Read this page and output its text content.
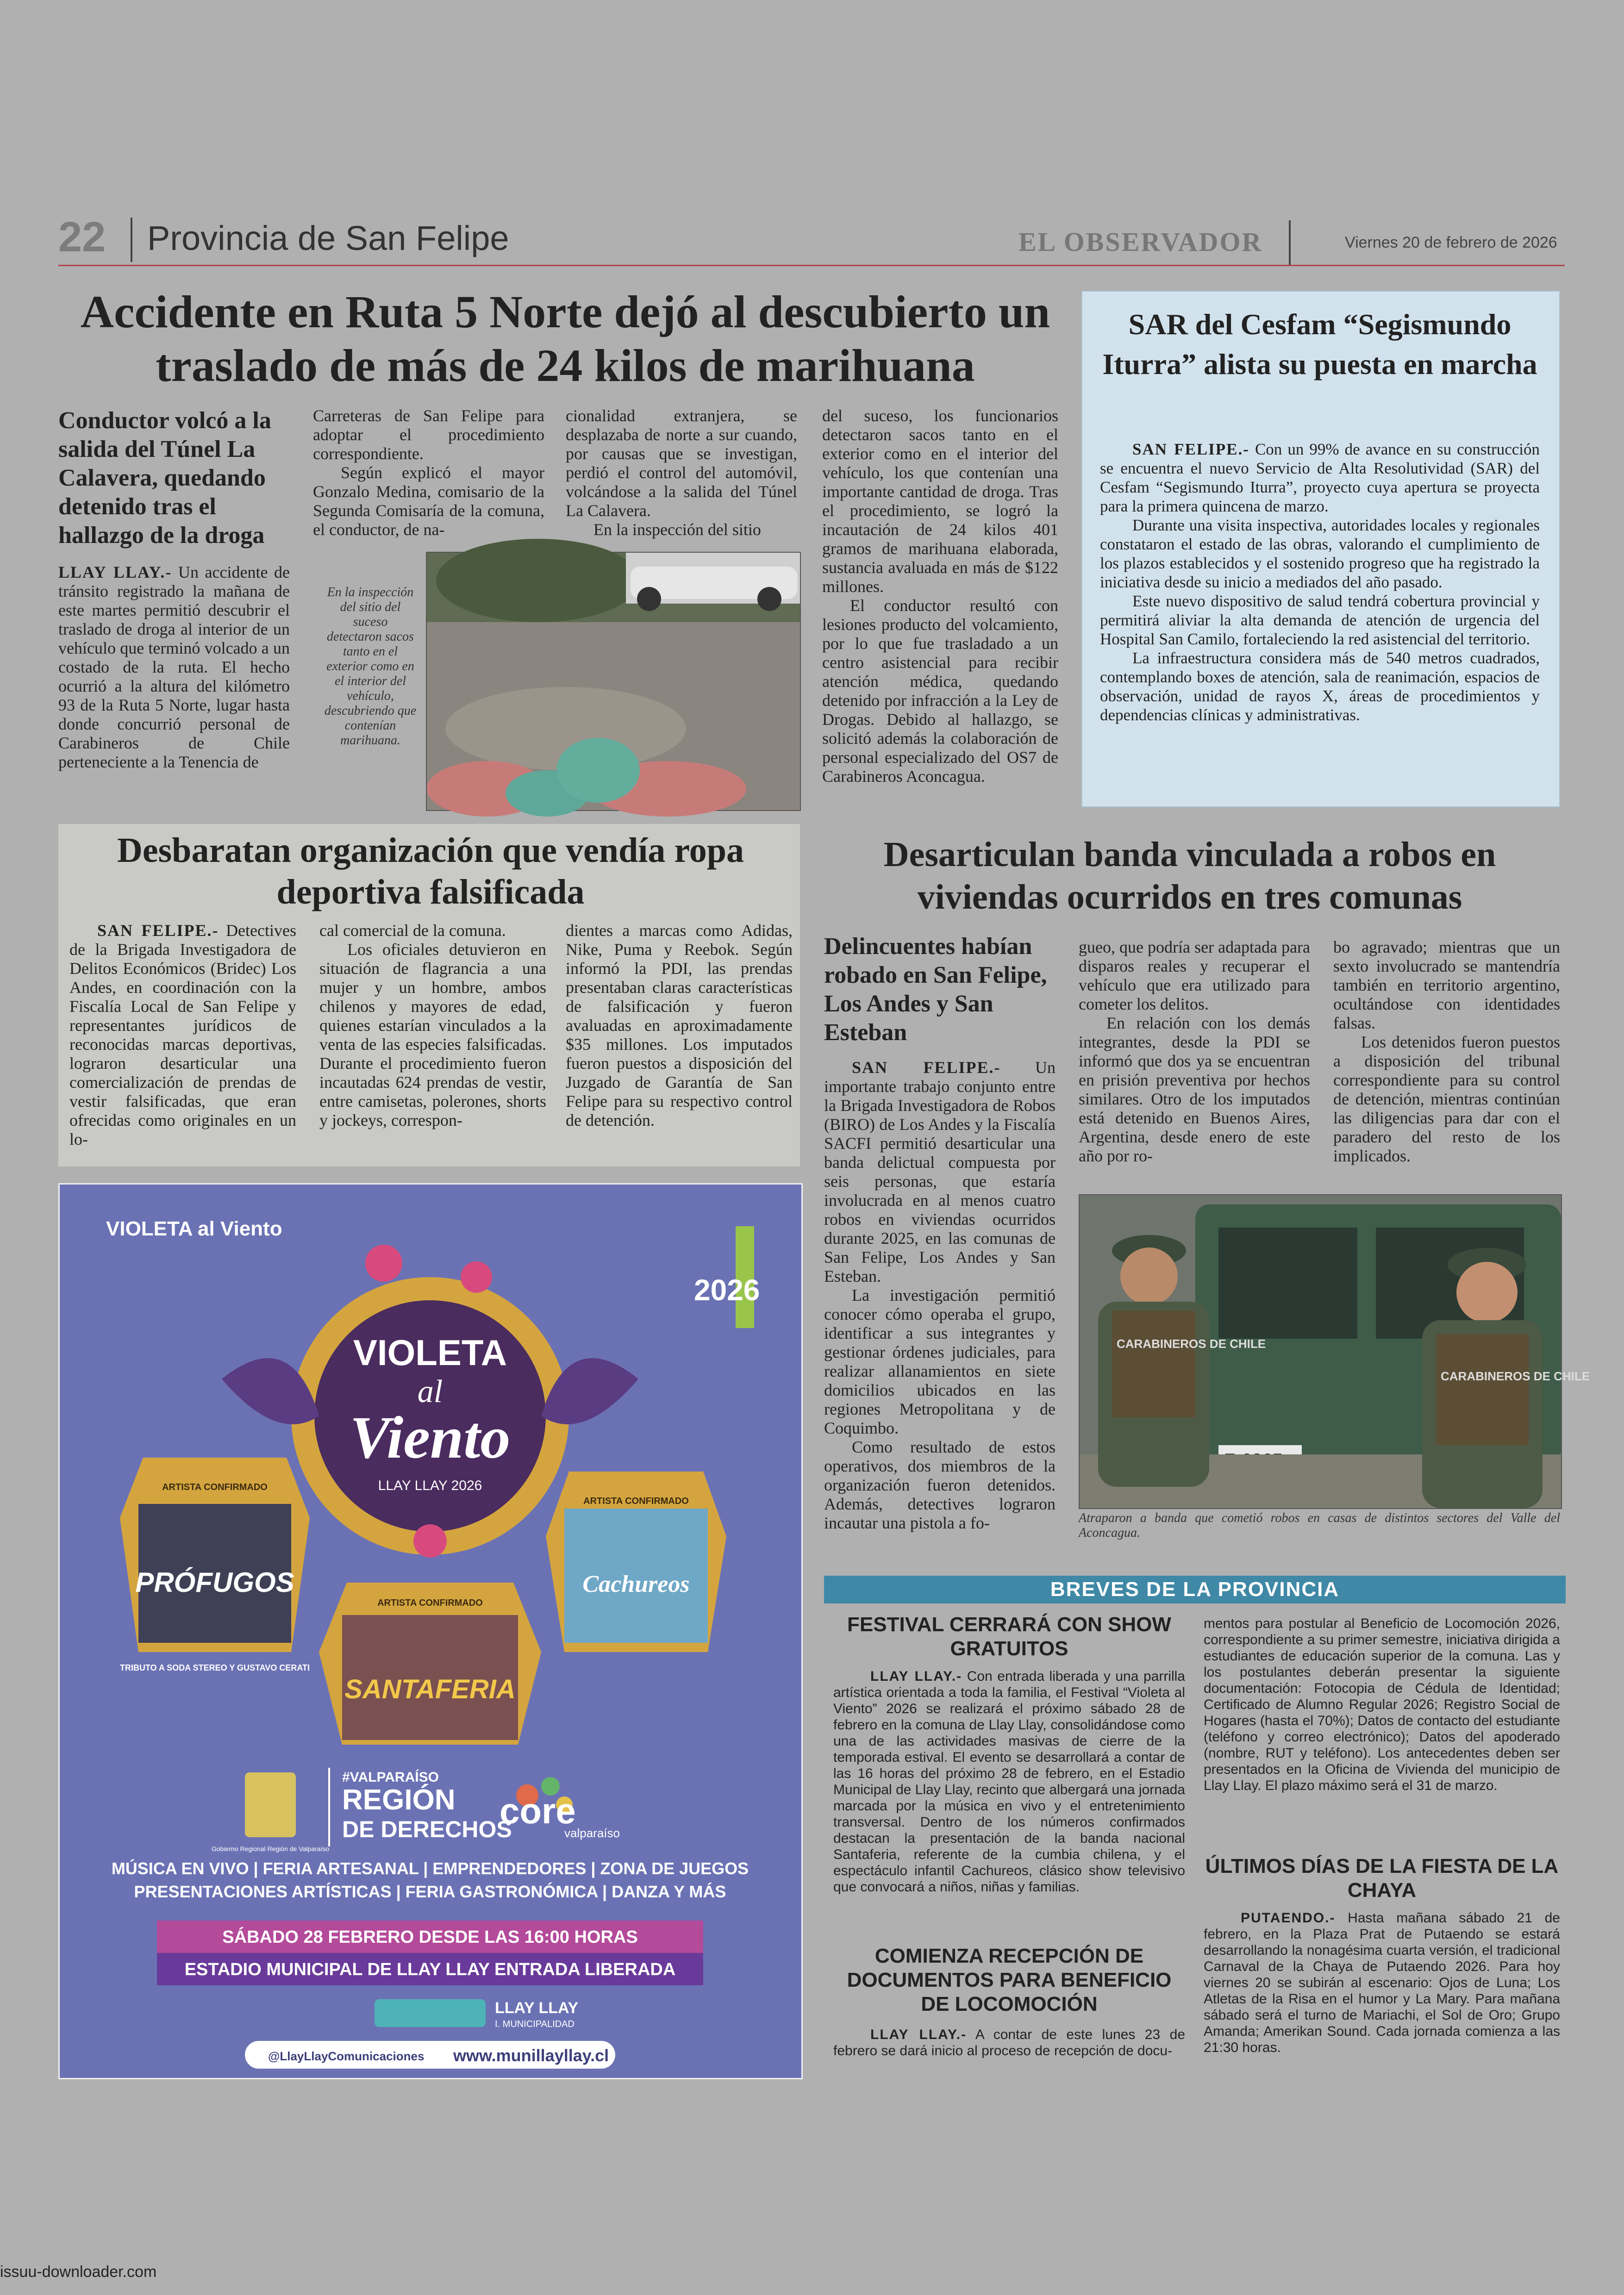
22 Provincia de San Felipe	EL OBSERVADOR	Viernes 20 de febrero de 2026
Accidente en Ruta 5 Norte dejó al descubierto un traslado de más de 24 kilos de marihuana
Conductor volcó a la salida del Túnel La Calavera, quedando detenido tras el hallazgo de la droga
LLAY LLAY.- Un accidente de tránsito registrado la mañana de este martes permitió descubrir el traslado de droga al interior de un vehículo que terminó volcado a un costado de la ruta. El hecho ocurrió a la altura del kilómetro 93 de la Ruta 5 Norte, lugar hasta donde concurrió personal de Carabineros de Chile perteneciente a la Tenencia de

Carreteras de San Felipe para adoptar el procedimiento correspondiente.

Según explicó el mayor Gonzalo Medina, comisario de la Segunda Comisaría de la comuna, el conductor, de na-

cionalidad extranjera, se desplazaba de norte a sur cuando, por causas que se investigan, perdió el control del automóvil, volcándose a la salida del Túnel La Calavera.

En la inspección del sitio

del suceso, los funcionarios detectaron sacos tanto en el exterior como en el interior del vehículo, los que contenían una importante cantidad de droga. Tras el procedimiento, se logró la incautación de 24 kilos 401 gramos de marihuana elaborada, sustancia avaluada en más de $122 millones.

El conductor resultó con lesiones producto del volcamiento, por lo que fue trasladado a un centro asistencial para recibir atención médica, quedando detenido por infracción a la Ley de Drogas. Debido al hallazgo, se solicitó además la colaboración de personal especializado del OS7 de Carabineros Aconcagua.

En la inspección del sitio del suceso detectaron sacos tanto en el exterior como en el interior del vehículo, descubriendo que contenían marihuana.
SAR del Cesfam “Segismundo Iturra” alista su puesta en marcha

SAN FELIPE.- Con un 99% de avance en su construcción se encuentra el nuevo Servicio de Alta Resolutividad (SAR) del Cesfam “Segismundo Iturra”, proyecto cuya apertura se proyecta para la primera quincena de marzo.

Durante una visita inspectiva, autoridades locales y regionales constataron el estado de las obras, valorando el cumplimiento de los plazos establecidos y el sostenido progreso que ha registrado la iniciativa desde su inicio a mediados del año pasado.

Este nuevo dispositivo de salud tendrá cobertura provincial y permitirá aliviar la alta demanda de atención de urgencia del Hospital San Camilo, fortaleciendo la red asistencial del territorio.

La infraestructura considera más de 540 metros cuadrados, contemplando boxes de atención, sala de reanimación, espacios de observación, unidad de rayos X, áreas de procedimientos y dependencias clínicas y administrativas.

Desbaratan organización que vendía ropa deportiva falsificada
SAN FELIPE.- Detectives de la Brigada Investigadora de Delitos Económicos (Bridec) Los Andes, en coordinación con la Fiscalía Local de San Felipe y representantes jurídicos de reconocidas marcas deportivas, lograron desarticular una comercialización de prendas de vestir falsificadas, que eran ofrecidas como originales en un lo-

cal comercial de la comuna.

Los oficiales detuvieron en situación de flagrancia a una mujer y un hombre, ambos chilenos y mayores de edad, quienes estarían vinculados a la venta de las especies falsificadas. Durante el procedimiento fueron incautadas 624 prendas de vestir, entre camisetas, polerones, shorts y jockeys, correspon-

dientes a marcas como Adidas, Nike, Puma y Reebok. Según informó la PDI, las prendas presentaban claras características de falsificación y fueron avaluadas en aproximadamente $35 millones. Los imputados fueron puestos a disposición del Juzgado de Garantía de San Felipe para su respectivo control de detención.

Desarticulan banda vinculada a robos en viviendas ocurridos en tres comunas
Delincuentes habían robado en San Felipe, Los Andes y San Esteban

SAN FELIPE.- Un importante trabajo conjunto entre la Brigada Investigadora de Robos (BIRO) de Los Andes y la Fiscalía SACFI permitió desarticular una banda delictual compuesta por seis personas, que estaría involucrada en al menos cuatro robos en viviendas ocurridos durante 2025, en las comunas de San Felipe, Los Andes y San Esteban.

La investigación permitió conocer cómo operaba el grupo, identificar a sus integrantes y gestionar órdenes judiciales, para realizar allanamientos en siete domicilios ubicados en las regiones Metropolitana y de Coquimbo.

Como resultado de estos operativos, dos miembros de la organización fueron detenidos. Además, detectives lograron incautar una pistola a fo-

gueo, que podría ser adaptada para disparos reales y recuperar el vehículo que era utilizado para cometer los delitos.

En relación con los demás integrantes, desde la PDI se informó que dos ya se encuentran en prisión preventiva por hechos similares. Otro de los imputados está detenido en Buenos Aires, Argentina, desde enero de este año por ro-

bo agravado; mientras que un sexto involucrado se mantendría también en territorio argentino, ocultándose con identidades falsas.

Los detenidos fueron puestos a disposición del tribunal correspondiente para su control de detención, mientras continúan las diligencias para dar con el paradero del resto de los implicados.

CARABINEROS DE CHILE
CARABINEROS DE CHILE
Atraparon a banda que cometió robos en casas de distintos sectores del Valle del Aconcagua.
VIOLETA al Viento
2026
VIOLETA
al
Viento
LLAY LLAY 2026
ARTISTA CONFIRMADO
ARTISTA CONFIRMADO
ARTISTA CONFIRMADO
PRÓFUGOS
TRIBUTO A SODA STEREO Y GUSTAVO CERATI
SANTAFERIA
Cachureos
Gobierno Regional Región de Valparaíso
#VALPARAÍSO
REGIÓN
DE DERECHOS
core
valparaíso
MÚSICA EN VIVO | FERIA ARTESANAL | EMPRENDEDORES | ZONA DE JUEGOS
PRESENTACIONES ARTÍSTICAS | FERIA GASTRONÓMICA | DANZA Y MÁS
SÁBADO 28 FEBRERO DESDE LAS 16:00 HORAS
ESTADIO MUNICIPAL DE LLAY LLAY ENTRADA LIBERADA
LLAY LLAY
I. MUNICIPALIDAD
@LlayLlayComunicaciones www.munillayllay.cl
BREVES DE LA PROVINCIA
FESTIVAL CERRARÁ CON SHOW GRATUITOS
LLAY LLAY.- Con entrada liberada y una parrilla artística orientada a toda la familia, el Festival “Violeta al Viento” 2026 se realizará el próximo sábado 28 de febrero en la comuna de Llay Llay, consolidándose como una de las actividades masivas de cierre de la temporada estival. El evento se desarrollará a contar de las 16 horas del próximo 28 de febrero, en el Estadio Municipal de Llay Llay, recinto que albergará una jornada marcada por la música en vivo y el entretenimiento transversal. Dentro de los números confirmados destacan la presentación de la banda nacional Santaferia, referente de la cumbia chilena, y el espectáculo infantil Cachureos, clásico show televisivo que convocará a niños, niñas y familias.
COMIENZA RECEPCIÓN DE DOCUMENTOS PARA BENEFICIO DE LOCOMOCIÓN
LLAY LLAY.- A contar de este lunes 23 de febrero se dará inicio al proceso de recepción de docu-
mentos para postular al Beneficio de Locomoción 2026, correspondiente a su primer semestre, iniciativa dirigida a estudiantes de educación superior de la comuna. Las y los postulantes deberán presentar la siguiente documentación: Fotocopia de Cédula de Identidad; Certificado de Alumno Regular 2026; Registro Social de Hogares (hasta el 70%); Datos de contacto del estudiante (teléfono y correo electrónico); Datos del apoderado (nombre, RUT y teléfono). Los antecedentes deben ser presentados en la Oficina de Vivienda del municipio de Llay Llay. El plazo máximo será el 31 de marzo.
ÚLTIMOS DÍAS DE LA FIESTA DE LA CHAYA
PUTAENDO.- Hasta mañana sábado 21 de febrero, en la Plaza Prat de Putaendo se estará desarrollando la nonagésima cuarta versión, el tradicional Carnaval de la Chaya de Putaendo 2026. Para hoy viernes 20 se subirán al escenario: Ojos de Luna; Los Atletas de la Risa en el humor y La Mary. Para mañana sábado será el turno de Mariachi, el Sol de Oro; Grupo Amanda; Amerikan Sound. Cada jornada comienza a las 21:30 horas.
issuu-downloader.com
